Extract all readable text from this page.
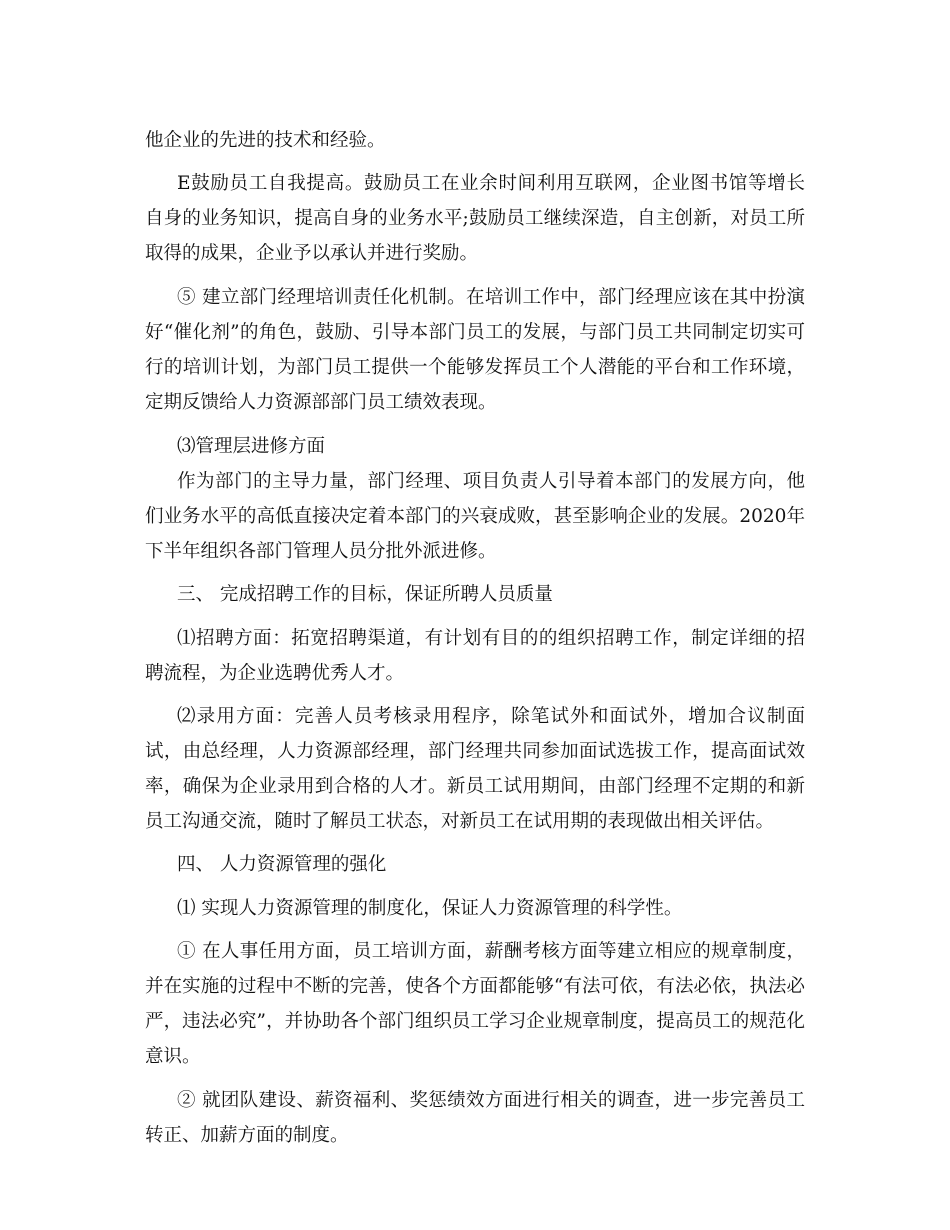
他企业的先进的技术和经验。
E鼓励员工自我提高。鼓励员工在业余时间利用互联网，企业图书馆等增长
自身的业务知识，提高自身的业务水平;鼓励员工继续深造，自主创新，对员工所
取得的成果，企业予以承认并进行奖励。
⑤ 建立部门经理培训责任化机制。在培训工作中，部门经理应该在其中扮演
好“催化剂”的角色，鼓励、引导本部门员工的发展，与部门员工共同制定切实可
行的培训计划，为部门员工提供一个能够发挥员工个人潜能的平台和工作环境，
定期反馈给人力资源部部门员工绩效表现。
⑶管理层进修方面
作为部门的主导力量，部门经理、项目负责人引导着本部门的发展方向，他
们业务水平的高低直接决定着本部门的兴衰成败，甚至影响企业的发展。2020年
下半年组织各部门管理人员分批外派进修。
三、 完成招聘工作的目标，保证所聘人员质量
⑴招聘方面：拓宽招聘渠道，有计划有目的的组织招聘工作，制定详细的招
聘流程，为企业选聘优秀人才。
⑵录用方面：完善人员考核录用程序，除笔试外和面试外，增加合议制面
试，由总经理，人力资源部经理，部门经理共同参加面试选拔工作，提高面试效
率，确保为企业录用到合格的人才。新员工试用期间，由部门经理不定期的和新
员工沟通交流，随时了解员工状态，对新员工在试用期的表现做出相关评估。
四、 人力资源管理的强化
⑴ 实现人力资源管理的制度化，保证人力资源管理的科学性。
① 在人事任用方面，员工培训方面，薪酬考核方面等建立相应的规章制度，
并在实施的过程中不断的完善，使各个方面都能够“有法可依，有法必依，执法必
严，违法必究”，并协助各个部门组织员工学习企业规章制度，提高员工的规范化
意识。
② 就团队建设、薪资福利、奖惩绩效方面进行相关的调查，进一步完善员工
转正、加薪方面的制度。
